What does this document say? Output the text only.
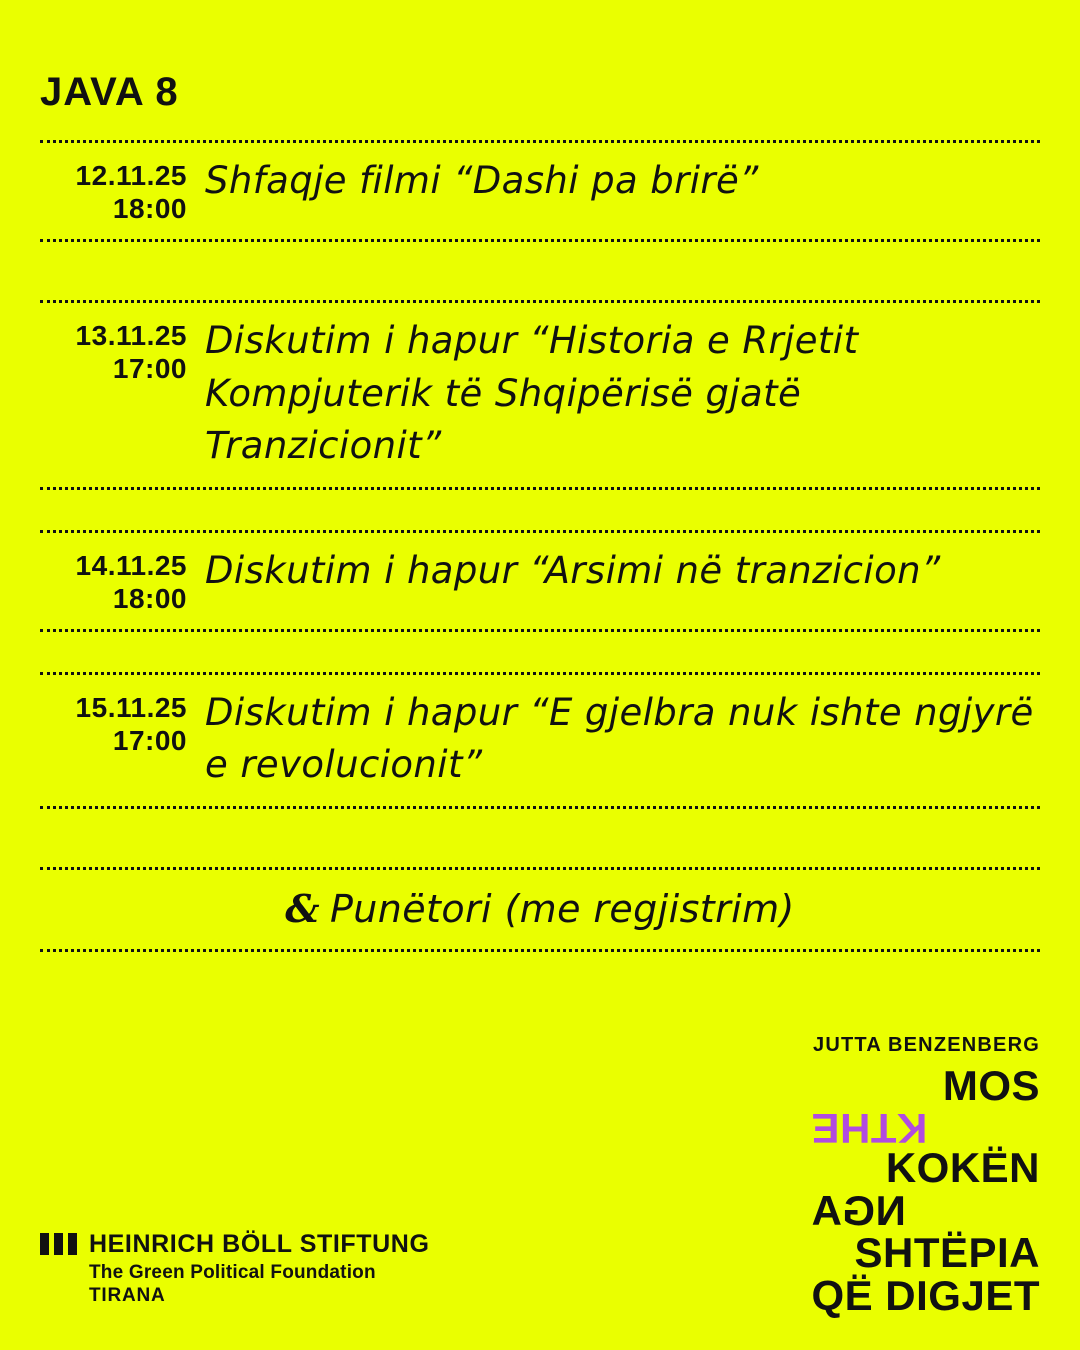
JAVA 8
12.11.25
18:00
Shfaqje filmi “Dashi pa brirë”
13.11.25
17:00
Diskutim i hapur “Historia e Rrjetit Kompjuterik të Shqipërisë gjatë Tranzicionit”
14.11.25
18:00
Diskutim i hapur “Arsimi në tranzicion”
15.11.25
17:00
Diskutim i hapur “E gjelbra nuk ishte ngjyrë e revolucionit”
& Punëtori (me regjistrim)
JUTTA BENZENBERG
MOS
KTHE
KOKËN
NGA
SHTËPIA
QË DIGJET
HEINRICH BÖLL STIFTUNG
The Green Political Foundation
TIRANA
